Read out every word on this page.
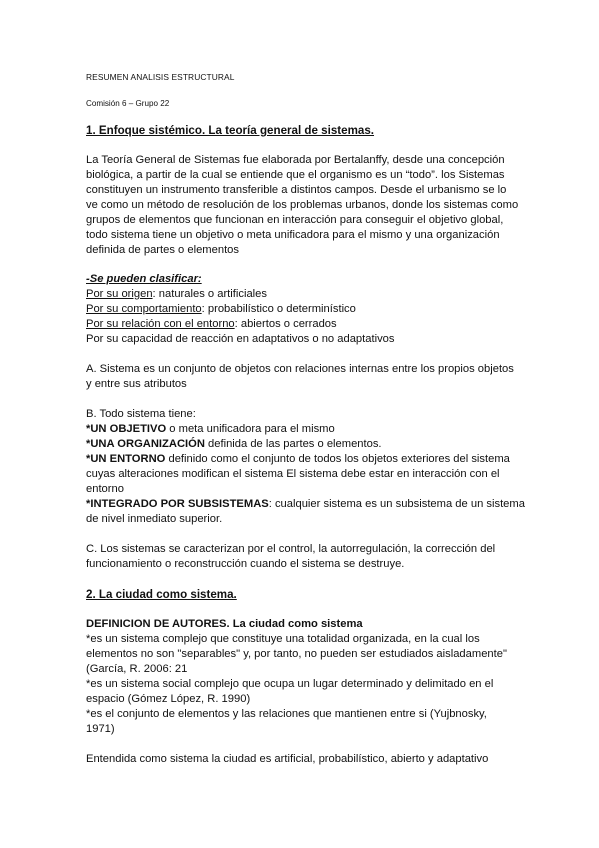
RESUMEN ANALISIS ESTRUCTURAL
Comisión 6 – Grupo 22
1. Enfoque sistémico. La teoría general de sistemas.
La Teoría General de Sistemas fue elaborada por Bertalanffy, desde una concepción
biológica, a partir de la cual se entiende que el organismo es un “todo”. los Sistemas
constituyen un instrumento transferible a distintos campos. Desde el urbanismo se lo
ve como un método de resolución de los problemas urbanos, donde los sistemas como
grupos de elementos que funcionan en interacción para conseguir el objetivo global,
todo sistema tiene un objetivo o meta unificadora para el mismo y una organización
definida de partes o elementos
-Se pueden clasificar:
Por su origen: naturales o artificiales
Por su comportamiento: probabilístico o determinístico
Por su relación con el entorno: abiertos o cerrados
Por su capacidad de reacción en adaptativos o no adaptativos
A. Sistema es un conjunto de objetos con relaciones internas entre los propios objetos
y entre sus atributos
B. Todo sistema tiene:
*UN OBJETIVO o meta unificadora para el mismo
*UNA ORGANIZACIÓN definida de las partes o elementos.
*UN ENTORNO definido como el conjunto de todos los objetos exteriores del sistema
cuyas alteraciones modifican el sistema El sistema debe estar en interacción con el
entorno
*INTEGRADO POR SUBSISTEMAS: cualquier sistema es un subsistema de un sistema
de nivel inmediato superior.
C. Los sistemas se caracterizan por el control, la autorregulación, la corrección del
funcionamiento o reconstrucción cuando el sistema se destruye.
2. La ciudad como sistema.
DEFINICION DE AUTORES. La ciudad como sistema
*es un sistema complejo que constituye una totalidad organizada, en la cual los
elementos no son "separables" y, por tanto, no pueden ser estudiados aisladamente"
(García, R. 2006: 21
*es un sistema social complejo que ocupa un lugar determinado y delimitado en el
espacio (Gómez López, R. 1990)
*es el conjunto de elementos y las relaciones que mantienen entre si (Yujbnosky,
1971)
Entendida como sistema la ciudad es artificial, probabilístico, abierto y adaptativo
